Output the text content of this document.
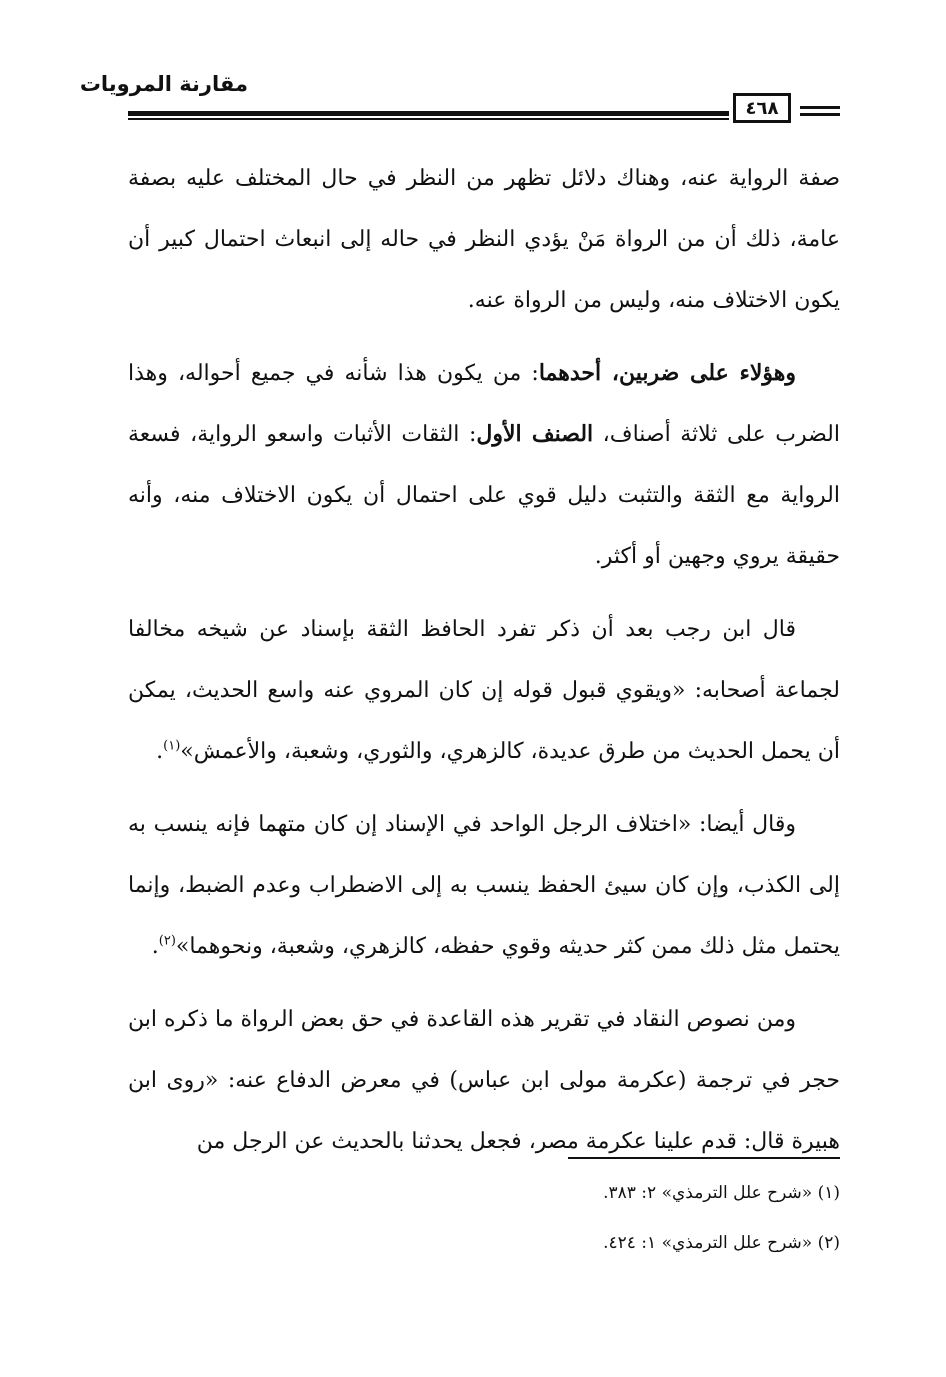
مقارنة المرويات
٤٦٨

صفة الرواية عنه، وهناك دلائل تظهر من النظر في حال المختلف عليه بصفة عامة، ذلك أن من الرواة مَنْ يؤدي النظر في حاله إلى انبعاث احتمال كبير أن يكون الاختلاف منه، وليس من الرواة عنه.

وهؤلاء على ضربين، أحدهما: من يكون هذا شأنه في جميع أحواله، وهذا الضرب على ثلاثة أصناف، الصنف الأول: الثقات الأثبات واسعو الرواية، فسعة الرواية مع الثقة والتثبت دليل قوي على احتمال أن يكون الاختلاف منه، وأنه حقيقة يروي وجهين أو أكثر.

قال ابن رجب بعد أن ذكر تفرد الحافظ الثقة بإسناد عن شيخه مخالفا لجماعة أصحابه: «ويقوي قبول قوله إن كان المروي عنه واسع الحديث، يمكن أن يحمل الحديث من طرق عديدة، كالزهري، والثوري، وشعبة، والأعمش»$^{(١)}$.

وقال أيضا: «اختلاف الرجل الواحد في الإسناد إن كان متهما فإنه ينسب به إلى الكذب، وإن كان سيئ الحفظ ينسب به إلى الاضطراب وعدم الضبط، وإنما يحتمل مثل ذلك ممن كثر حديثه وقوي حفظه، كالزهري، وشعبة، ونحوهما»$^{(٢)}$.

ومن نصوص النقاد في تقرير هذه القاعدة في حق بعض الرواة ما ذكره ابن حجر في ترجمة (عكرمة مولى ابن عباس) في معرض الدفاع عنه: «روى ابن هبيرة قال: قدم علينا عكرمة مصر، فجعل يحدثنا بالحديث عن الرجل من

(١) «شرح علل الترمذي» ٢: ٣٨٣.

(٢) «شرح علل الترمذي» ١: ٤٢٤.
